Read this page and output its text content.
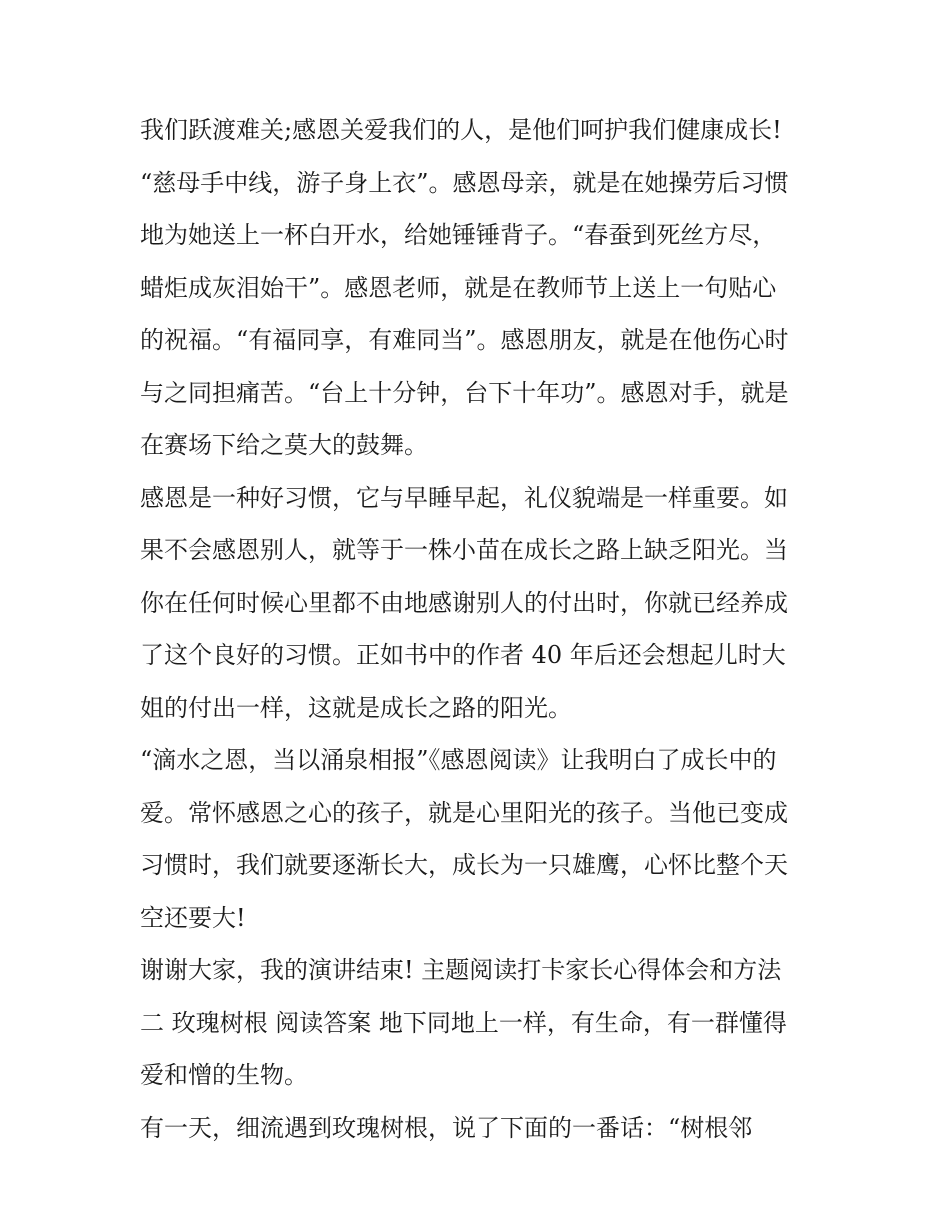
我们跃渡难关;感恩关爱我们的人，是他们呵护我们健康成长!
“慈母手中线，游子身上衣”。感恩母亲，就是在她操劳后习惯
地为她送上一杯白开水，给她锤锤背子。“春蚕到死丝方尽，
蜡炬成灰泪始干”。感恩老师，就是在教师节上送上一句贴心
的祝福。“有福同享，有难同当”。感恩朋友，就是在他伤心时
与之同担痛苦。“台上十分钟，台下十年功”。感恩对手，就是
在赛场下给之莫大的鼓舞。
感恩是一种好习惯，它与早睡早起，礼仪貌端是一样重要。如
果不会感恩别人，就等于一株小苗在成长之路上缺乏阳光。当
你在任何时候心里都不由地感谢别人的付出时，你就已经养成
了这个良好的习惯。正如书中的作者 40 年后还会想起儿时大
姐的付出一样，这就是成长之路的阳光。
“滴水之恩，当以涌泉相报”《感恩阅读》让我明白了成长中的
爱。常怀感恩之心的孩子，就是心里阳光的孩子。当他已变成
习惯时，我们就要逐渐长大，成长为一只雄鹰，心怀比整个天
空还要大!
谢谢大家，我的演讲结束! 主题阅读打卡家长心得体会和方法
二 玫瑰树根 阅读答案 地下同地上一样，有生命，有一群懂得
爱和憎的生物。
有一天，细流遇到玫瑰树根，说了下面的一番话：“树根邻
